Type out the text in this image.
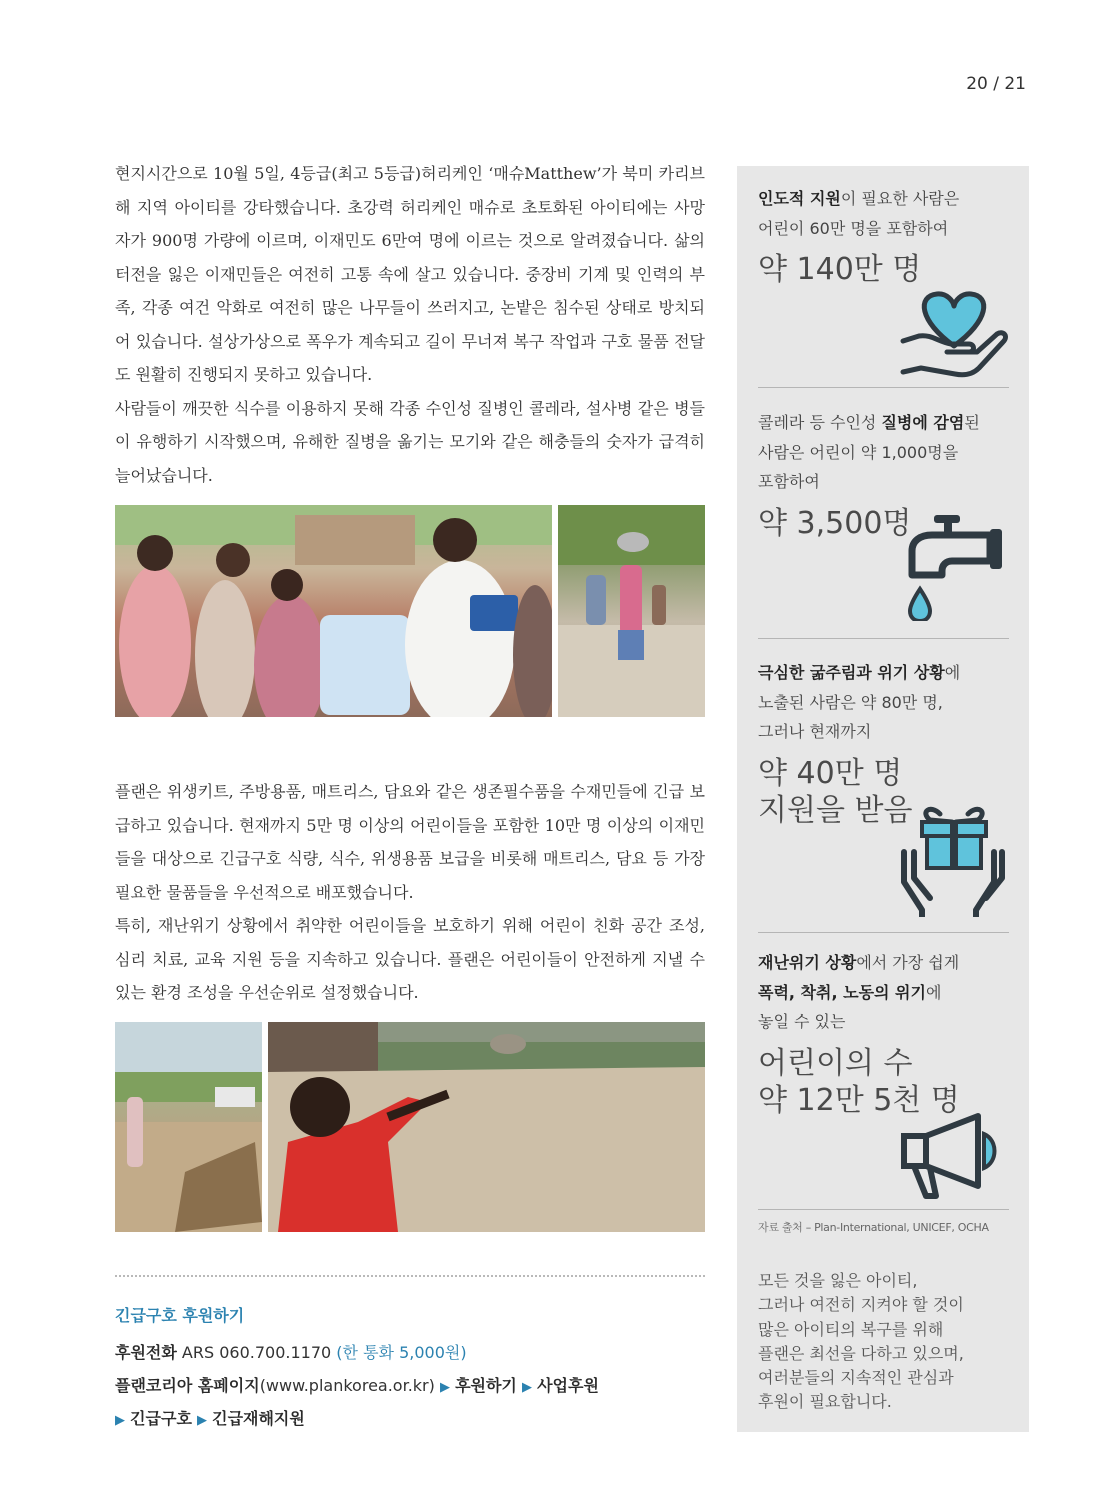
20 / 21

현지시간으로 10월 5일, 4등급(최고 5등급)허리케인 ‘매슈Matthew’가 북미 카리브해 지역 아이티를 강타했습니다. 초강력 허리케인 매슈로 초토화된 아이티에는 사망자가 900명 가량에 이르며, 이재민도 6만여 명에 이르는 것으로 알려졌습니다. 삶의 터전을 잃은 이재민들은 여전히 고통 속에 살고 있습니다. 중장비 기계 및 인력의 부족, 각종 여건 악화로 여전히 많은 나무들이 쓰러지고, 논밭은 침수된 상태로 방치되어 있습니다. 설상가상으로 폭우가 계속되고 길이 무너져 복구 작업과 구호 물품 전달도 원활히 진행되지 못하고 있습니다.

사람들이 깨끗한 식수를 이용하지 못해 각종 수인성 질병인 콜레라, 설사병 같은 병들이 유행하기 시작했으며, 유해한 질병을 옮기는 모기와 같은 해충들의 숫자가 급격히 늘어났습니다.

플랜은 위생키트, 주방용품, 매트리스, 담요와 같은 생존필수품을 수재민들에 긴급 보급하고 있습니다. 현재까지 5만 명 이상의 어린이들을 포함한 10만 명 이상의 이재민들을 대상으로 긴급구호 식량, 식수, 위생용품 보급을 비롯해 매트리스, 담요 등 가장 필요한 물품들을 우선적으로 배포했습니다.

특히, 재난위기 상황에서 취약한 어린이들을 보호하기 위해 어린이 친화 공간 조성, 심리 치료, 교육 지원 등을 지속하고 있습니다. 플랜은 어린이들이 안전하게 지낼 수 있는 환경 조성을 우선순위로 설정했습니다.

긴급구호 후원하기
후원전화 ARS 060.700.1170 (한 통화 5,000원)
플랜코리아 홈페이지(www.plankorea.or.kr) ▶ 후원하기 ▶ 사업후원
▶ 긴급구호 ▶ 긴급재해지원
인도적 지원이 필요한 사람은
어린이 60만 명을 포함하여
약 140만 명
콜레라 등 수인성 질병에 감염된
사람은 어린이 약 1,000명을
포함하여
약 3,500명
극심한 굶주림과 위기 상황에
노출된 사람은 약 80만 명,
그러나 현재까지
약 40만 명
지원을 받음
재난위기 상황에서 가장 쉽게
폭력, 착취, 노동의 위기에
놓일 수 있는
어린이의 수
약 12만 5천 명
자료 출처 – Plan-International, UNICEF, OCHA
모든 것을 잃은 아이티,
그러나 여전히 지켜야 할 것이
많은 아이티의 복구를 위해
플랜은 최선을 다하고 있으며,
여러분들의 지속적인 관심과
후원이 필요합니다.
